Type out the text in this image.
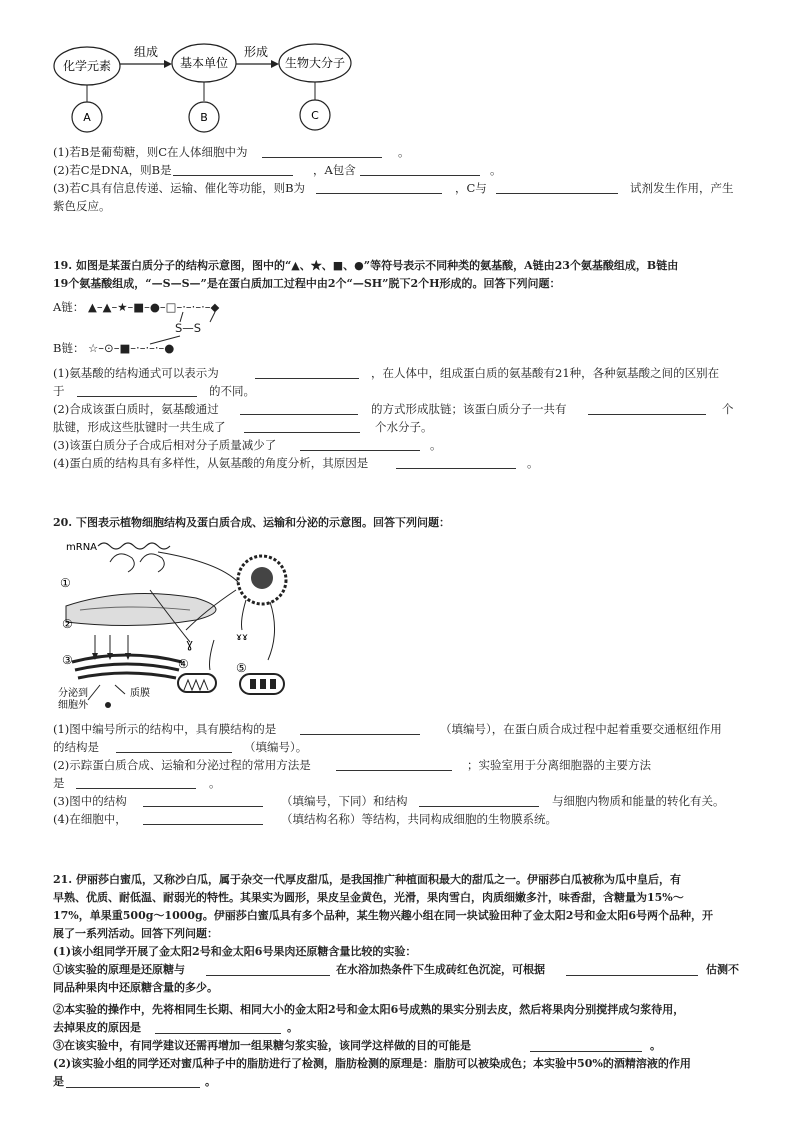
化学元素	基本单位	生物大分子
组成	形成
A	B	C
(1)若B是葡萄糖，则C在人体细胞中为	。
(2)若C是DNA，则B是	，A包含	。
(3)若C具有信息传递、运输、催化等功能，则B为	，C与	试剂发生作用，产生
紫色反应。
19. 如图是某蛋白质分子的结构示意图，图中的“▲、★、■、●”等符号表示不同种类的氨基酸，A链由23个氨基酸组成，B链由
19个氨基酸组成，“—S—S—”是在蛋白质加工过程中由2个“—SH”脱下2个H形成的。回答下列问题：
A链： ▲–▲–★–■–●–□–·–·–·–◆
S—S
B链： ☆–⊙–■–·–·–·–●
(1)氨基酸的结构通式可以表示为	，在人体中，组成蛋白质的氨基酸有21种，各种氨基酸之间的区别在
于	的不同。
(2)合成该蛋白质时，氨基酸通过	的方式形成肽链；该蛋白质分子一共有	个
肽键，形成这些肽键时一共生成了	个水分子。
(3)该蛋白质分子合成后相对分子质量减少了	。
(4)蛋白质的结构具有多样性，从氨基酸的角度分析，其原因是	。
20. 下图表示植物细胞结构及蛋白质合成、运输和分泌的示意图。回答下列问题：
mRNA
①
②
③
分泌到
细胞外
质膜
ɣ	ɤɤ
④	⑤
(1)图中编号所示的结构中，具有膜结构的是	（填编号），在蛋白质合成过程中起着重要交通枢纽作用
的结构是	（填编号）。
(2)示踪蛋白质合成、运输和分泌过程的常用方法是	；实验室用于分离细胞器的主要方法
是	。
(3)图中的结构	（填编号，下同）和结构	与细胞内物质和能量的转化有关。
(4)在细胞中，	（填结构名称）等结构，共同构成细胞的生物膜系统。
21. 伊丽莎白蜜瓜，又称沙白瓜，属于杂交一代厚皮甜瓜，是我国推广种植面积最大的甜瓜之一。伊丽莎白瓜被称为瓜中皇后，有
早熟、优质、耐低温、耐弱光的特性。其果实为圆形，果皮呈金黄色，光滑，果肉雪白，肉质细嫩多汁，味香甜，含糖量为15%～
17%，单果重500g～1000g。伊丽莎白蜜瓜具有多个品种，某生物兴趣小组在同一块试验田种了金太阳2号和金太阳6号两个品种，开
展了一系列活动。回答下列问题：
(1)该小组同学开展了金太阳2号和金太阳6号果肉还原糖含量比较的实验：
①该实验的原理是还原糖与	在水浴加热条件下生成砖红色沉淀，可根据	估测不
同品种果肉中还原糖含量的多少。
②本实验的操作中，先将相同生长期、相同大小的金太阳2号和金太阳6号成熟的果实分别去皮，然后将果肉分别搅拌成匀浆待用，
去掉果皮的原因是	。
③在该实验中，有同学建议还需再增加一组果糖匀浆实验，该同学这样做的目的可能是	。
(2)该实验小组的同学还对蜜瓜种子中的脂肪进行了检测，脂肪检测的原理是：脂肪可以被染成色；本实验中50%的酒精溶液的作用
是	。
